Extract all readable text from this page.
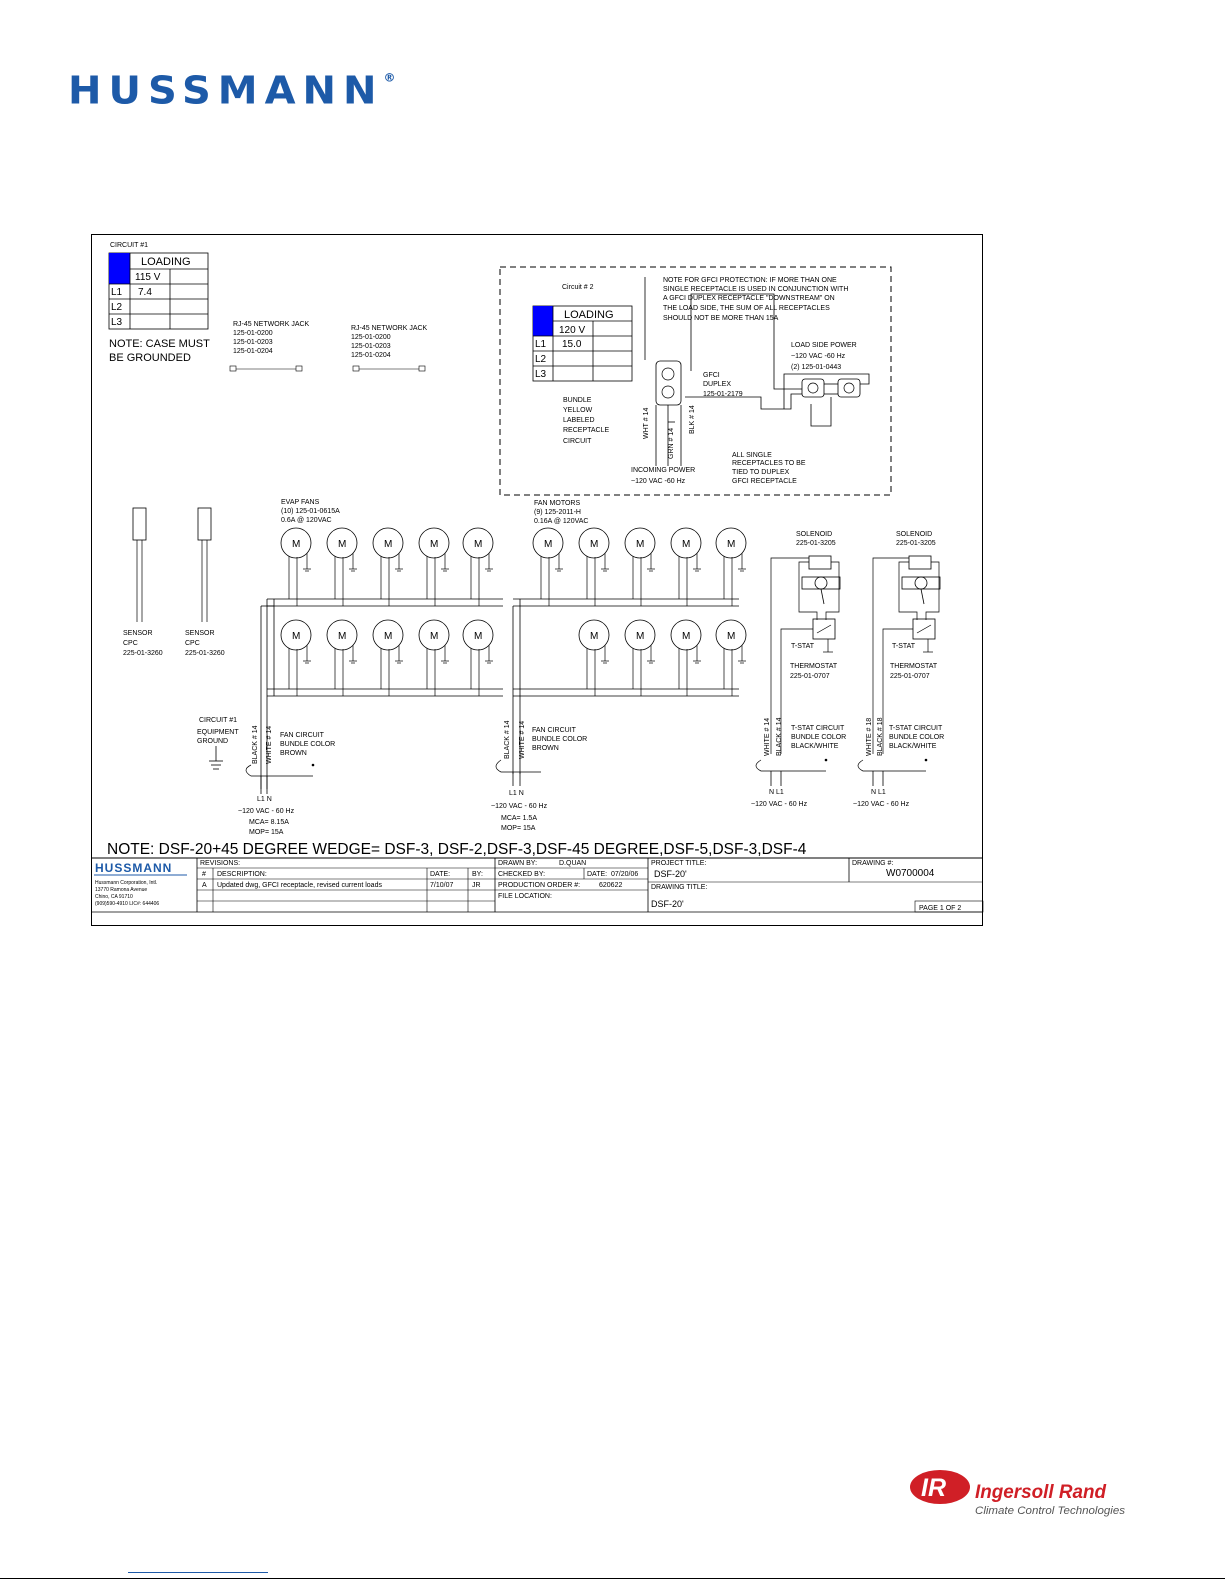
HUSSMANN®
CIRCUIT #1
LOADING
115 V
L1 7.4
L2
L3
NOTE: CASE MUST
BE GROUNDED
RJ-45 NETWORK JACK
125-01-0200
125-01-0203
125-01-0204
RJ-45 NETWORK JACK
125-01-0200
125-01-0203
125-01-0204
Circuit # 2
LOADING
120 V
L1 15.0
L2
L3
NOTE FOR GFCI PROTECTION: IF MORE THAN ONE
SINGLE RECEPTACLE IS USED IN CONJUNCTION WITH
A GFCI DUPLEX RECEPTACLE "DOWNSTREAM" ON
THE LOAD SIDE, THE SUM OF ALL RECEPTACLES
SHOULD NOT BE MORE THAN 15A
LOAD SIDE POWER
~120 VAC -60 Hz
(2) 125-01-0443
GFCI
DUPLEX
125-01-2179
WHT # 14
GRN # 14
BLK # 14
BUNDLE
YELLOW
LABELED
RECEPTACLE
CIRCUIT
INCOMING POWER
~120 VAC -60 Hz
ALL SINGLE
RECEPTACLES TO BE
TIED TO DUPLEX
GFCI RECEPTACLE
SENSOR
CPC
225-01-3260
SENSOR
CPC
225-01-3260
EVAP FANS
(10) 125-01-0615A
0.6A @ 120VAC
FAN MOTORS
(9) 125-2011-H
0.16A @ 120VAC
M	M	M	M	M
M	M	M	M	M
M	M	M	M	M
M	M	M	M
CIRCUIT #1
EQUIPMENT
GROUND	BLACK # 14 WHITE # 14 FAN CIRCUIT
BUNDLE COLOR
BROWN
L1 N
~120 VAC - 60 Hz
MCA= 8.15A
MOP= 15A
BLACK # 14 WHITE # 14 FAN CIRCUIT
BUNDLE COLOR
BROWN
L1 N
~120 VAC - 60 Hz
MCA= 1.5A
MOP= 15A
SOLENOID
225-01-3205
T-STAT
THERMOSTAT
225-01-0707
WHITE # 14 BLACK # 14 T-STAT CIRCUIT
BUNDLE COLOR
BLACK/WHITE
N L1
~120 VAC - 60 Hz
SOLENOID
225-01-3205
T-STAT
THERMOSTAT
225-01-0707
WHITE # 18 BLACK # 18 T-STAT CIRCUIT
BUNDLE COLOR
BLACK/WHITE
N L1
~120 VAC - 60 Hz
NOTE: DSF-20+45 DEGREE WEDGE= DSF-3, DSF-2,DSF-3,DSF-45 DEGREE,DSF-5,DSF-3,DSF-4
HUSSMANN
Hussmann Corporation, Intl.
13770 Ramona Avenue
Chino, CA 91710
(909)590-4910 LIC#: 644406
REVISIONS:
# DESCRIPTION:	DATE:	BY:
A Updated dwg, GFCI receptacle, revised current loads	7/10/07	JR
DRAWN BY:	D.QUAN
CHECKED BY:	DATE: 07/20/06
PRODUCTION ORDER #:	620622
FILE LOCATION:
PROJECT TITLE:
DSF-20'
DRAWING TITLE:
DSF-20'
DRAWING #:
W0700004
PAGE 1 OF 2
IR Ingersoll Rand
Climate Control Technologies
